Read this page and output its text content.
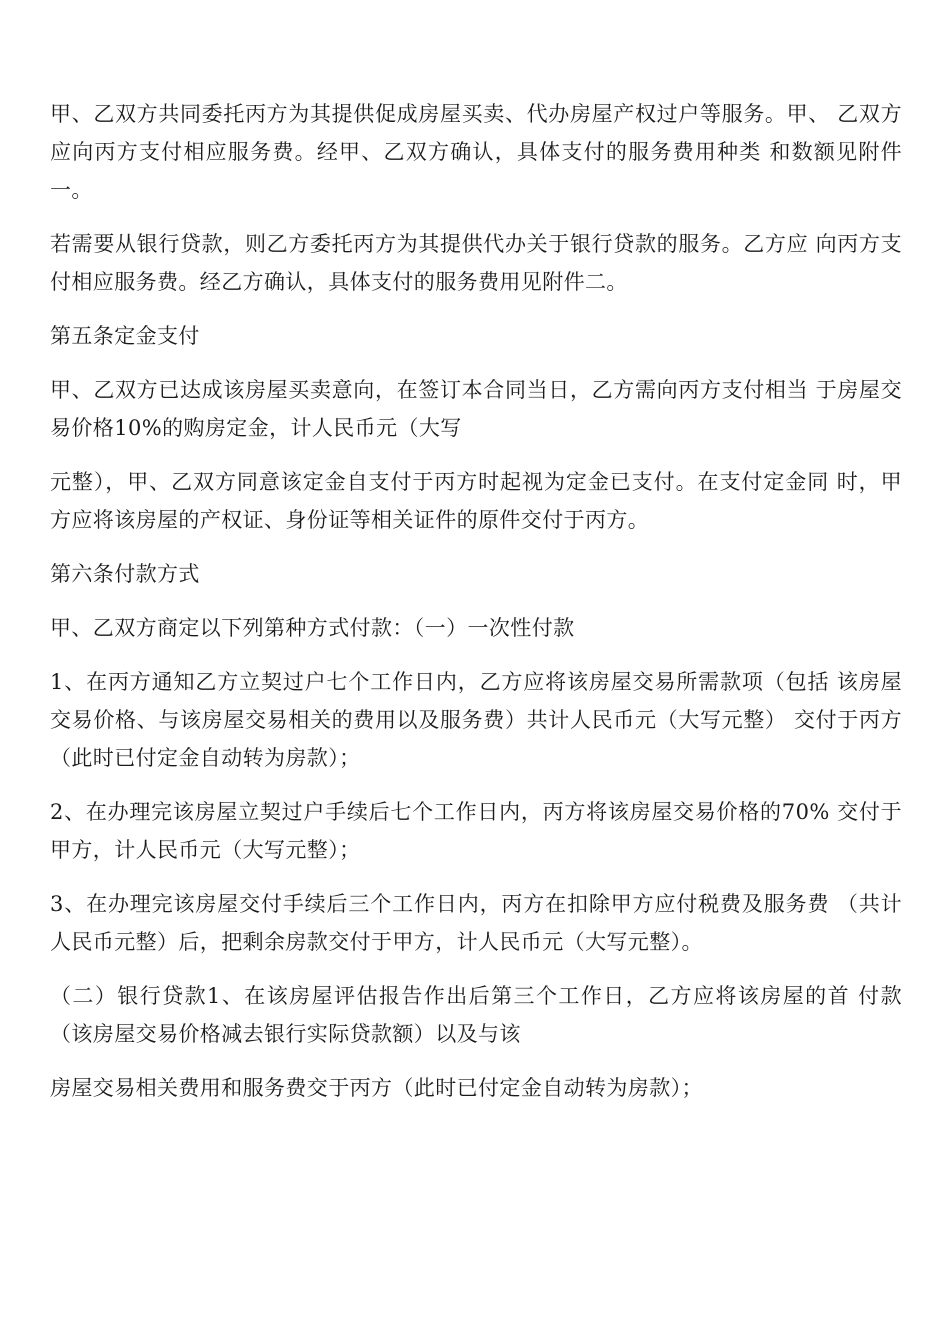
甲、乙双方共同委托丙方为其提供促成房屋买卖、代办房屋产权过户等服务。甲、 乙双方应向丙方支付相应服务费。经甲、乙双方确认，具体支付的服务费用种类 和数额见附件一。

若需要从银行贷款，则乙方委托丙方为其提供代办关于银行贷款的服务。乙方应 向丙方支付相应服务费。经乙方确认，具体支付的服务费用见附件二。

第五条定金支付

甲、乙双方已达成该房屋买卖意向，在签订本合同当日，乙方需向丙方支付相当 于房屋交易价格10%的购房定金，计人民币元（大写

元整），甲、乙双方同意该定金自支付于丙方时起视为定金已支付。在支付定金同 时，甲方应将该房屋的产权证、身份证等相关证件的原件交付于丙方。

第六条付款方式

甲、乙双方商定以下列第种方式付款：（一）一次性付款

1、在丙方通知乙方立契过户七个工作日内，乙方应将该房屋交易所需款项（包括 该房屋交易价格、与该房屋交易相关的费用以及服务费）共计人民币元（大写元整） 交付于丙方（此时已付定金自动转为房款）；

2、在办理完该房屋立契过户手续后七个工作日内，丙方将该房屋交易价格的70% 交付于甲方，计人民币元（大写元整）；

3、在办理完该房屋交付手续后三个工作日内，丙方在扣除甲方应付税费及服务费 （共计人民币元整）后，把剩余房款交付于甲方，计人民币元（大写元整）。

（二）银行贷款1、在该房屋评估报告作出后第三个工作日，乙方应将该房屋的首 付款（该房屋交易价格减去银行实际贷款额）以及与该

房屋交易相关费用和服务费交于丙方（此时已付定金自动转为房款）；
